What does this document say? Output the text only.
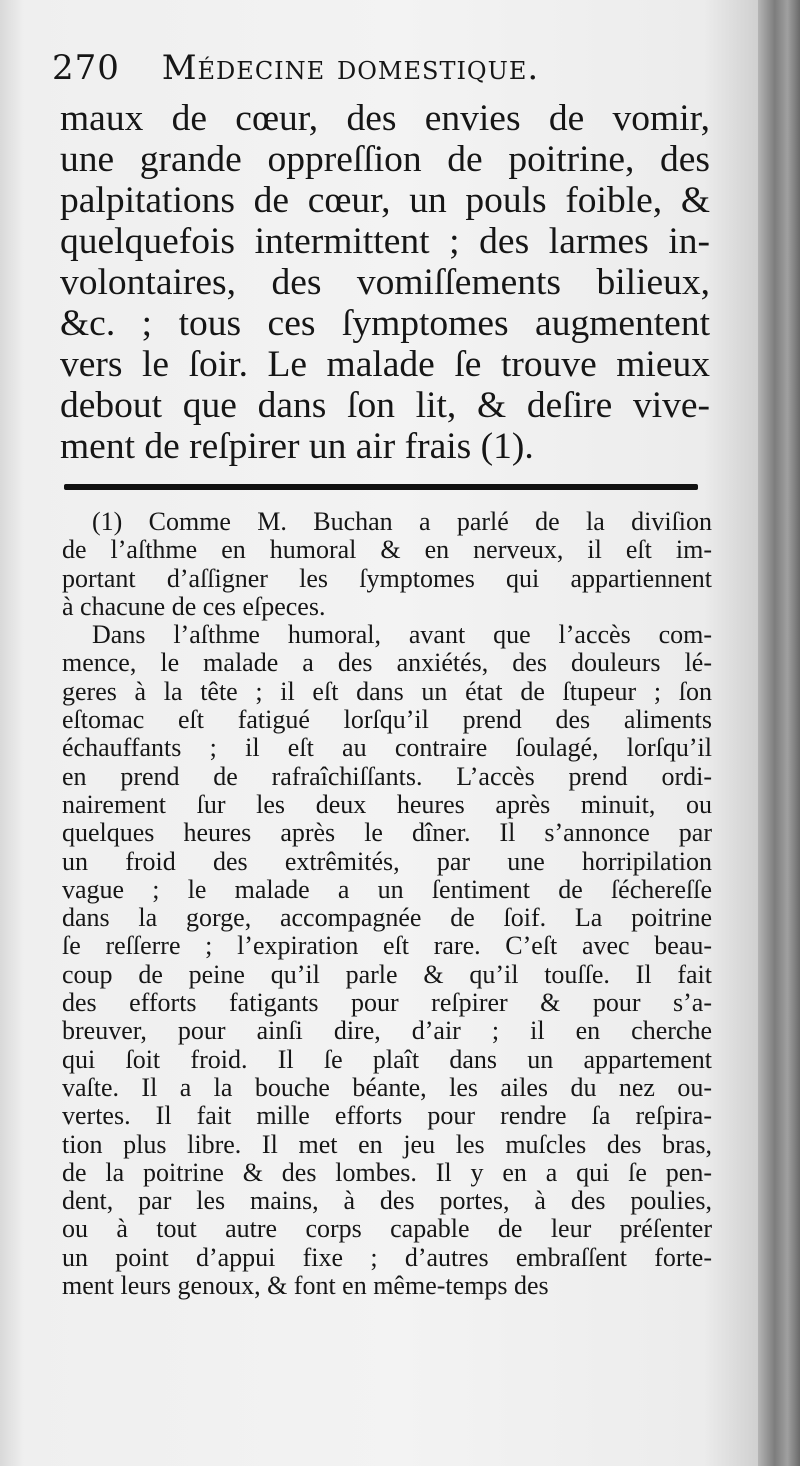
270 Médecine domestique.
maux de cœur, des envies de vomir,
une grande oppreſſion de poitrine, des
palpitations de cœur, un pouls foible, &
quelquefois intermittent ; des larmes in-
volontaires, des vomiſſements bilieux,
&c. ; tous ces ſymptomes augmentent
vers le ſoir. Le malade ſe trouve mieux
debout que dans ſon lit, & deſire vive-
ment de reſpirer un air frais (1).
(1) Comme M. Buchan a parlé de la diviſion
de l’aſthme en humoral & en nerveux, il eſt im-
portant d’aſſigner les ſymptomes qui appartiennent
à chacune de ces eſpeces.
Dans l’aſthme humoral, avant que l’accès com-
mence, le malade a des anxiétés, des douleurs lé-
geres à la tête ; il eſt dans un état de ſtupeur ; ſon
eſtomac eſt fatigué lorſqu’il prend des aliments
échauffants ; il eſt au contraire ſoulagé, lorſqu’il
en prend de rafraîchiſſants. L’accès prend ordi-
nairement ſur les deux heures après minuit, ou
quelques heures après le dîner. Il s’annonce par
un froid des extrêmités, par une horripilation
vague ; le malade a un ſentiment de ſéchereſſe
dans la gorge, accompagnée de ſoif. La poitrine
ſe reſſerre ; l’expiration eſt rare. C’eſt avec beau-
coup de peine qu’il parle & qu’il touſſe. Il fait
des efforts fatigants pour reſpirer & pour s’a-
breuver, pour ainſi dire, d’air ; il en cherche
qui ſoit froid. Il ſe plaît dans un appartement
vaſte. Il a la bouche béante, les ailes du nez ou-
vertes. Il fait mille efforts pour rendre ſa reſpira-
tion plus libre. Il met en jeu les muſcles des bras,
de la poitrine & des lombes. Il y en a qui ſe pen-
dent, par les mains, à des portes, à des poulies,
ou à tout autre corps capable de leur préſenter
un point d’appui fixe ; d’autres embraſſent forte-
ment leurs genoux, & font en même-temps des
